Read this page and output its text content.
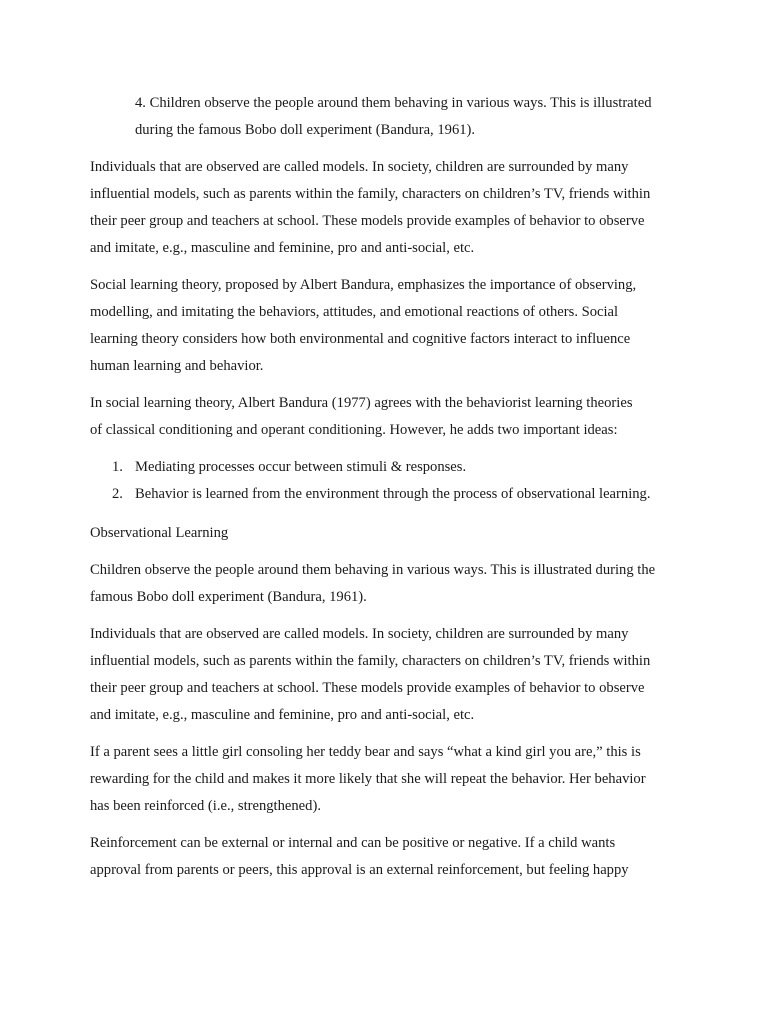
4. Children observe the people around them behaving in various ways. This is illustrated
during the famous Bobo doll experiment (Bandura, 1961).
Individuals that are observed are called models. In society, children are surrounded by many
influential models, such as parents within the family, characters on children’s TV, friends within
their peer group and teachers at school. These models provide examples of behavior to observe
and imitate, e.g., masculine and feminine, pro and anti-social, etc.
Social learning theory, proposed by Albert Bandura, emphasizes the importance of observing,
modelling, and imitating the behaviors, attitudes, and emotional reactions of others. Social
learning theory considers how both environmental and cognitive factors interact to influence
human learning and behavior.
In social learning theory, Albert Bandura (1977) agrees with the behaviorist learning theories
of classical conditioning and operant conditioning. However, he adds two important ideas:
1. Mediating processes occur between stimuli & responses.
2. Behavior is learned from the environment through the process of observational learning.
Observational Learning
Children observe the people around them behaving in various ways. This is illustrated during the
famous Bobo doll experiment (Bandura, 1961).
Individuals that are observed are called models. In society, children are surrounded by many
influential models, such as parents within the family, characters on children’s TV, friends within
their peer group and teachers at school. These models provide examples of behavior to observe
and imitate, e.g., masculine and feminine, pro and anti-social, etc.
If a parent sees a little girl consoling her teddy bear and says “what a kind girl you are,” this is
rewarding for the child and makes it more likely that she will repeat the behavior. Her behavior
has been reinforced (i.e., strengthened).
Reinforcement can be external or internal and can be positive or negative. If a child wants
approval from parents or peers, this approval is an external reinforcement, but feeling happy
